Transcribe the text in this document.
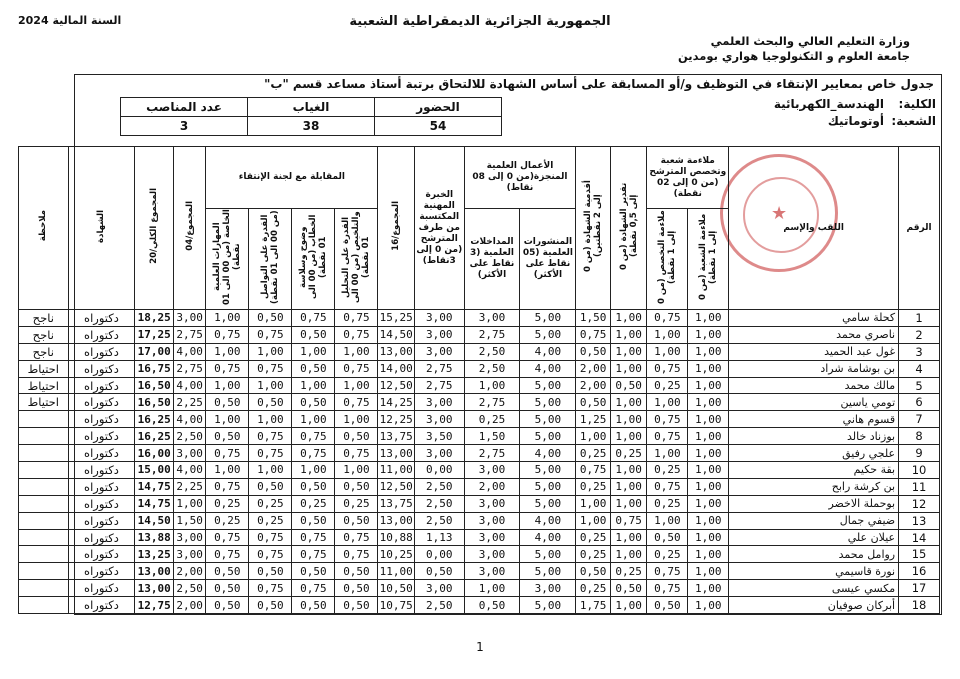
السنة المالية 2024	الجمهورية الجزائرية الديمقراطية الشعبية
وزارة التعليم العالي والبحث العلمي
جامعة العلوم و التكنولوجيا هواري بومدين
جدول خاص بمعايير الإنتقاء في التوظيف و/أو المسابقة على أساس الشهادة للالتحاق برتبة أستاذ مساعد قسم "ب"
الكلية:
الهندسة_الكهربائية
الشعبة:
أوتوماتيك
الحضور	الغياب	عدد المناصب
54	38	3
★
الرقم	اللقب والإسم	ملاءمة شعبة وتخصص المترشح (من 0 إلى 02 نقطة)		تقدير الشهادة (من 0 إلى 0,5 نقطة)	أقدمية الشهادة (من 0 إلى 2 نقطتين)	الأعمال العلمية المنجزة(من 0 إلى 08 نقاط)		الخبرة المهنية المكتسبة من طرف المترشح (من 0 إلى 3نقاط)	المجموع/16	المقابلة مع لجنة الإنتقاء				المجموع/04	المجموع الكلي/20	الشهادة	ملاحظة
		ملاءمة الشعبة (من 0 إلى 1 نقطة)	ملاءمة التخصص (من 0 إلى 1 نقطة)			المنشورات العلمية (05 نقاط على الأكثر)	المداخلات العلمية (3 نقاط على الأكثر)			القدرة على التحليل والتلخيص (من 00 الى 01 نقطة)	وضوح وسلاسة الخطاب (من 00 الى 01 نقطة)	القدرة على التواصل (من 00 الى 01 نقطة)	المهارات العلمية الخاصة (من 00 الى 01 نقطة)				
1	كحلة سامي	1,00	0,75	1,00	1,50	5,00	3,00	3,00	15,25	0,75	0,75	0,50	1,00	3,00	18,25	دكتوراه	ناجح
2	ناصري محمد	1,00	1,00	1,00	0,75	5,00	2,75	3,00	14,50	0,75	0,50	0,75	0,75	2,75	17,25	دكتوراه	ناجح
3	غول عبد الحميد	1,00	1,00	1,00	0,50	4,00	2,50	3,00	13,00	1,00	1,00	1,00	1,00	4,00	17,00	دكتوراه	ناجح
4	بن بوشامة شراد	1,00	0,75	1,00	2,00	4,00	2,50	2,75	14,00	0,75	0,50	0,75	0,75	2,75	16,75	دكتوراه	احتياط
5	مالك محمد	1,00	0,25	0,50	2,00	5,00	1,00	2,75	12,50	1,00	1,00	1,00	1,00	4,00	16,50	دكتوراه	احتياط
6	تومي ياسين	1,00	1,00	1,00	0,50	5,00	2,75	3,00	14,25	0,75	0,50	0,50	0,50	2,25	16,50	دكتوراه	احتياط
7	قسوم هاني	1,00	0,75	1,00	1,25	5,00	0,25	3,00	12,25	1,00	1,00	1,00	1,00	4,00	16,25	دكتوراه	
8	بوزناد خالد	1,00	0,75	1,00	1,00	5,00	1,50	3,50	13,75	0,50	0,75	0,75	0,50	2,50	16,25	دكتوراه	
9	علجي رفيق	1,00	1,00	0,25	0,25	4,00	2,75	3,00	13,00	0,75	0,75	0,75	0,75	3,00	16,00	دكتوراه	
10	بقة حكيم	1,00	0,25	1,00	0,75	5,00	3,00	0,00	11,00	1,00	1,00	1,00	1,00	4,00	15,00	دكتوراه	
11	بن كرشة رابح	1,00	0,75	1,00	0,25	5,00	2,00	2,50	12,50	0,50	0,50	0,50	0,75	2,25	14,75	دكتوراه	
12	بوحملة الاخضر	1,00	0,25	1,00	1,00	5,00	3,00	2,50	13,75	0,25	0,25	0,25	0,25	1,00	14,75	دكتوراه	
13	ضيفي جمال	1,00	1,00	0,75	1,00	4,00	3,00	2,50	13,00	0,50	0,50	0,25	0,25	1,50	14,50	دكتوراه	
14	عيلان علي	1,00	0,50	1,00	0,25	4,00	3,00	1,13	10,88	0,75	0,75	0,75	0,75	3,00	13,88	دكتوراه	
15	روامل محمد	1,00	0,25	1,00	0,25	5,00	3,00	0,00	10,25	0,75	0,75	0,75	0,75	3,00	13,25	دكتوراه	
16	نورة قاسيمي	1,00	0,75	0,25	0,50	5,00	3,00	0,50	11,00	0,50	0,50	0,50	0,50	2,00	13,00	دكتوراه	
17	مكسي عيسى	1,00	0,75	0,50	0,25	3,00	1,00	3,00	10,50	0,50	0,75	0,75	0,50	2,50	13,00	دكتوراه	
18	أبركان صوفيان	1,00	0,50	1,00	1,75	5,00	0,50	2,50	10,75	0,50	0,50	0,50	0,50	2,00	12,75	دكتوراه	
1
